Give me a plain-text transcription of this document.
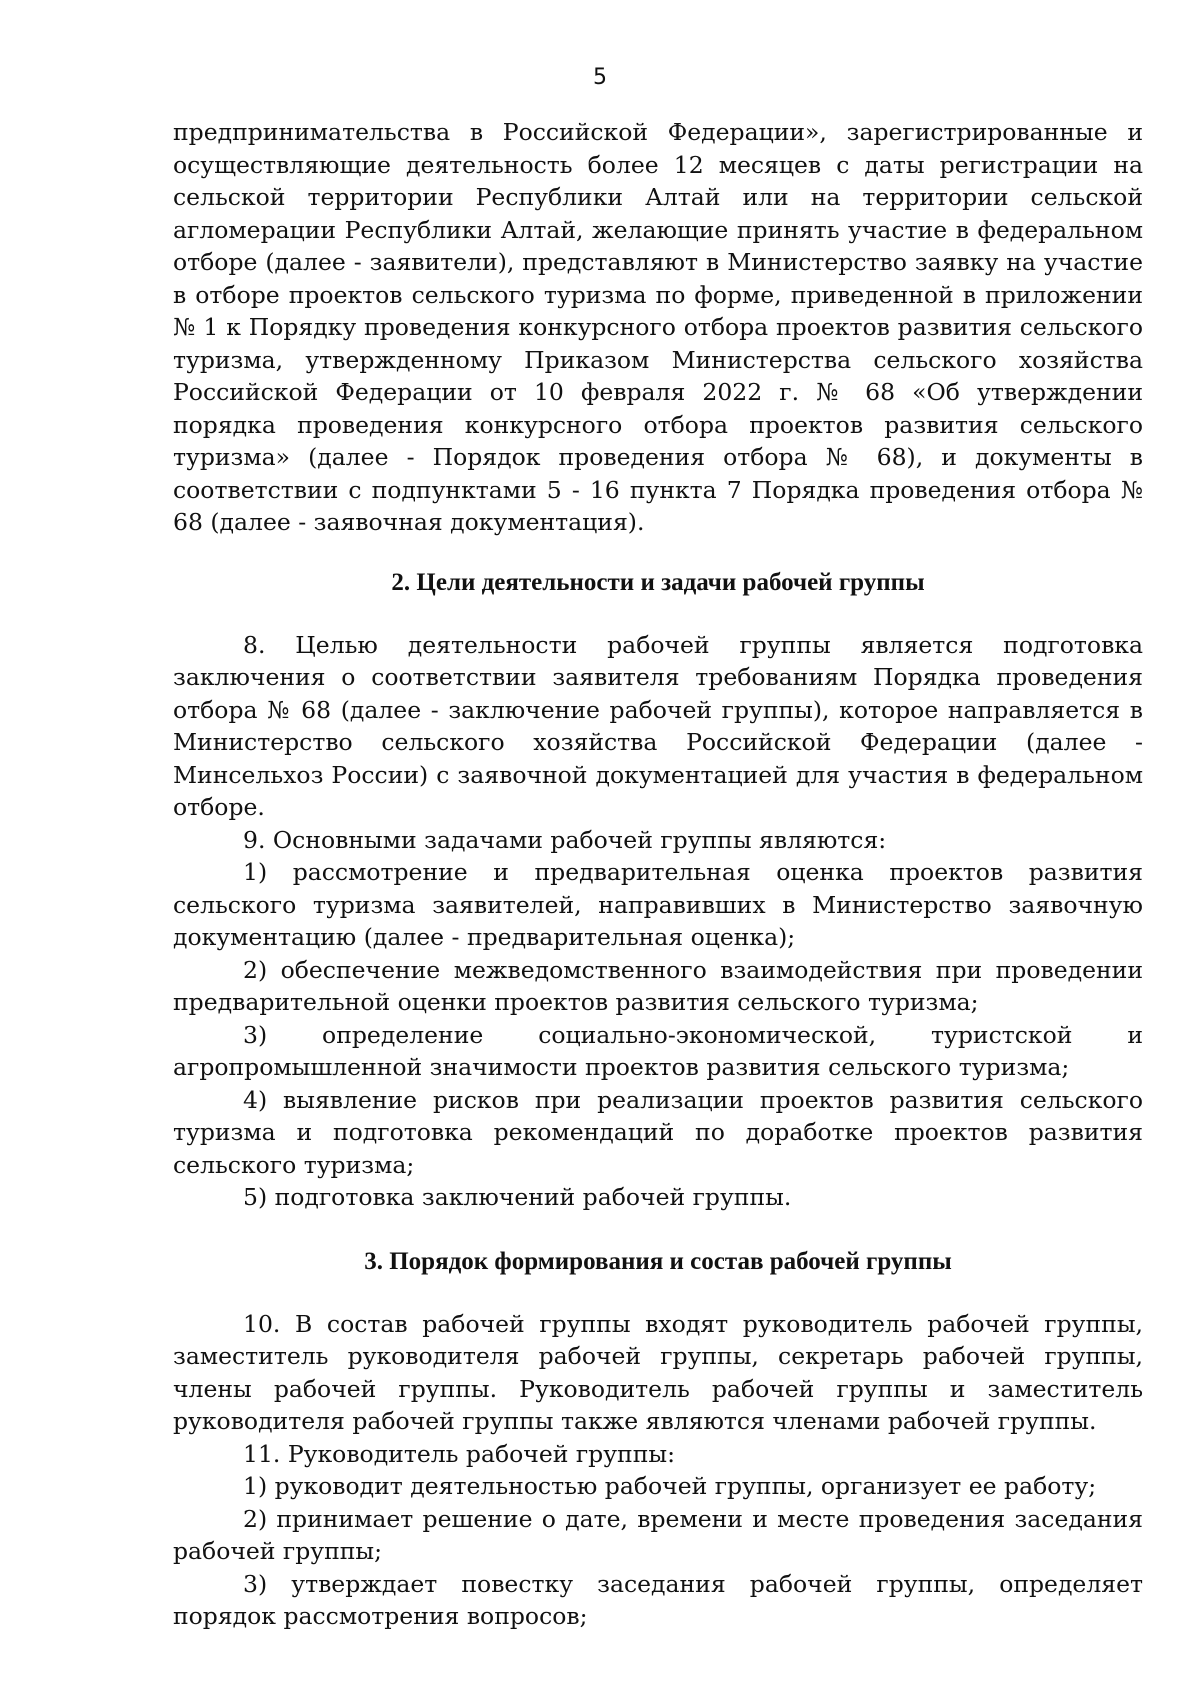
5

предпринимательства в Российской Федерации», зарегистрированные и осуществляющие деятельность более 12 месяцев с даты регистрации на сельской территории Республики Алтай или на территории сельской агломерации Республики Алтай, желающие принять участие в федеральном отборе (далее - заявители), представляют в Министерство заявку на участие в отборе проектов сельского туризма по форме, приведенной в приложении № 1 к Порядку проведения конкурсного отбора проектов развития сельского туризма, утвержденному Приказом Министерства сельского хозяйства Российской Федерации от 10 февраля 2022 г. № 68 «Об утверждении порядка проведения конкурсного отбора проектов развития сельского туризма» (далее - Порядок проведения отбора № 68), и документы в соответствии с подпунктами 5 - 16 пункта 7 Порядка проведения отбора № 68 (далее - заявочная документация).

2. Цели деятельности и задачи рабочей группы

8. Целью деятельности рабочей группы является подготовка заключения о соответствии заявителя требованиям Порядка проведения отбора № 68 (далее - заключение рабочей группы), которое направляется в Министерство сельского хозяйства Российской Федерации (далее - Минсельхоз России) с заявочной документацией для участия в федеральном отборе.

9. Основными задачами рабочей группы являются:

1) рассмотрение и предварительная оценка проектов развития сельского туризма заявителей, направивших в Министерство заявочную документацию (далее - предварительная оценка);

2) обеспечение межведомственного взаимодействия при проведении предварительной оценки проектов развития сельского туризма;

3) определение социально-экономической, туристской и агропромышленной значимости проектов развития сельского туризма;

4) выявление рисков при реализации проектов развития сельского туризма и подготовка рекомендаций по доработке проектов развития сельского туризма;

5) подготовка заключений рабочей группы.

3. Порядок формирования и состав рабочей группы

10. В состав рабочей группы входят руководитель рабочей группы, заместитель руководителя рабочей группы, секретарь рабочей группы, члены рабочей группы. Руководитель рабочей группы и заместитель руководителя рабочей группы также являются членами рабочей группы.

11. Руководитель рабочей группы:

1) руководит деятельностью рабочей группы, организует ее работу;

2) принимает решение о дате, времени и месте проведения заседания рабочей группы;

3) утверждает повестку заседания рабочей группы, определяет порядок рассмотрения вопросов;
